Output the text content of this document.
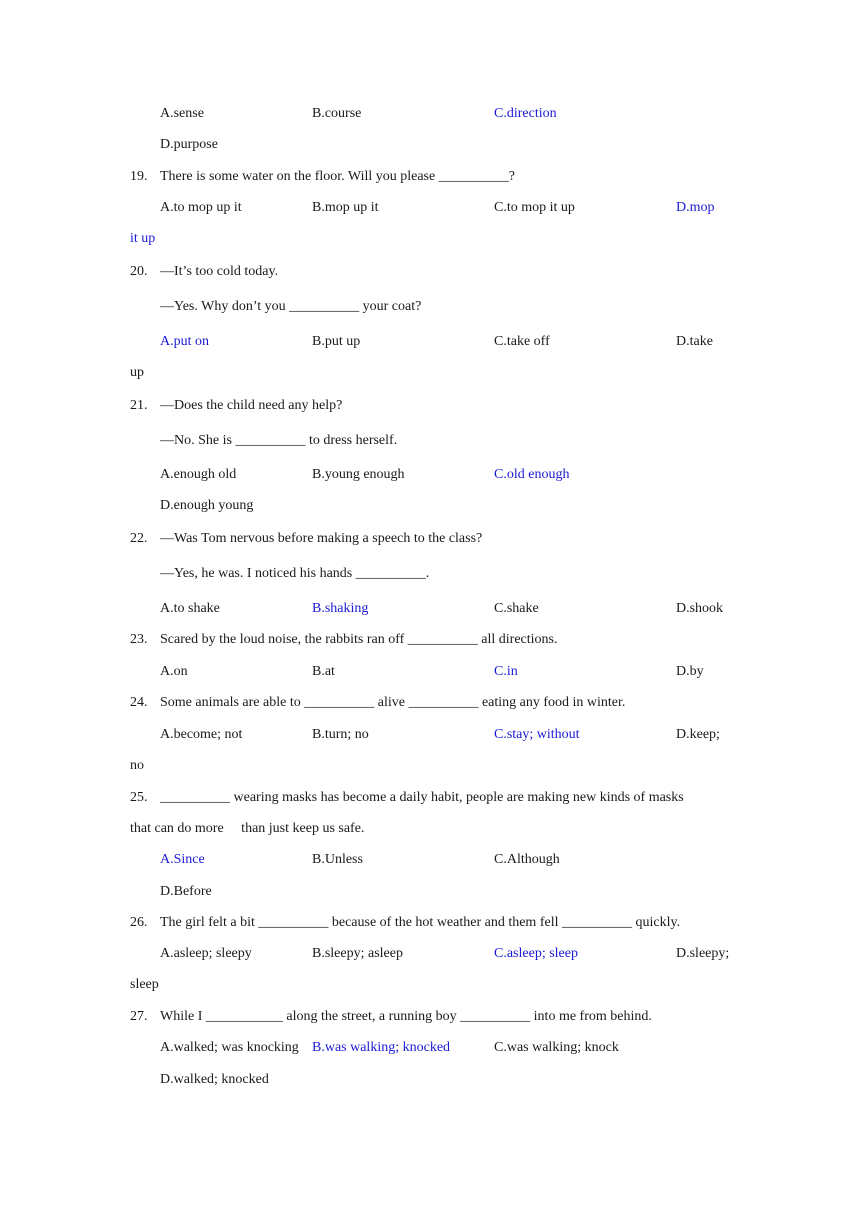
A.sense	B.course	C.direction
D.purpose
19. There is some water on the floor. Will you please __________?
A.to mop up it	B.mop up it	C.to mop it up	D.mop
it up
20. —It’s too cold today.
—Yes. Why don’t you __________ your coat?
A.put on	B.put up	C.take off	D.take
up
21. —Does the child need any help?
—No. She is __________ to dress herself.
A.enough old	B.young enough	C.old enough
D.enough young
22. —Was Tom nervous before making a speech to the class?
—Yes, he was. I noticed his hands __________.
A.to shake	B.shaking	C.shake	D.shook
23. Scared by the loud noise, the rabbits ran off __________ all directions.
A.on	B.at	C.in	D.by
24. Some animals are able to __________ alive __________ eating any food in winter.
A.become; not	B.turn; no	C.stay; without	D.keep;
no
25. __________ wearing masks has become a daily habit, people are making new kinds of masks
that can do more     than just keep us safe.
A.Since	B.Unless	C.Although
D.Before
26. The girl felt a bit __________ because of the hot weather and them fell __________ quickly.
A.asleep; sleepy	B.sleepy; asleep	C.asleep; sleep	D.sleepy;
sleep
27. While I ___________ along the street, a running boy __________ into me from behind.
A.walked; was knocking B.was walking; knocked	C.was walking; knock
D.walked; knocked
